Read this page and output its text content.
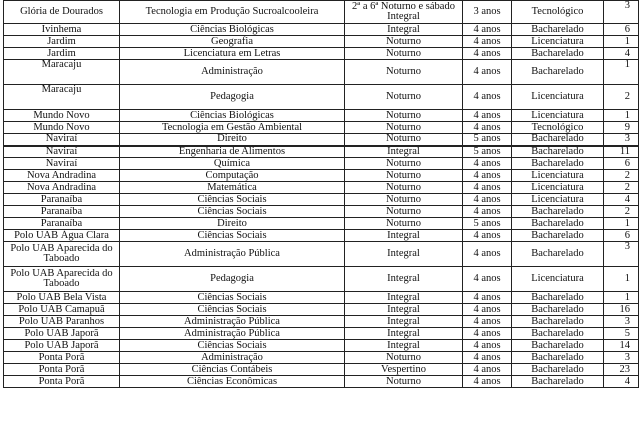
Glória de Dourados	Tecnologia em Produção Sucroalcooleira	2ª a 6ª Noturno e sábado Integral	3 anos	Tecnológico	3
Ivinhema	Ciências Biológicas	Integral	4 anos	Bacharelado	6
Jardim	Geografia	Noturno	4 anos	Licenciatura	1
Jardim	Licenciatura em Letras	Noturno	4 anos	Bacharelado	4
Maracaju	Administração	Noturno	4 anos	Bacharelado	1
Maracaju	Pedagogia	Noturno	4 anos	Licenciatura	2
Mundo Novo	Ciências Biológicas	Noturno	4 anos	Licenciatura	1
Mundo Novo	Tecnologia em Gestão Ambiental	Noturno	4 anos	Tecnológico	9
Naviraí	Direito	Noturno	5 anos	Bacharelado	3
Naviraí	Engenharia de Alimentos	Integral	5 anos	Bacharelado	11
Naviraí	Química	Noturno	4 anos	Bacharelado	6
Nova Andradina	Computação	Noturno	4 anos	Licenciatura	2
Nova Andradina	Matemática	Noturno	4 anos	Licenciatura	2
Paranaíba	Ciências Sociais	Noturno	4 anos	Licenciatura	4
Paranaíba	Ciências Sociais	Noturno	4 anos	Bacharelado	2
Paranaíba	Direito	Noturno	5 anos	Bacharelado	1
Polo UAB Água Clara	Ciências Sociais	Integral	4 anos	Bacharelado	6
Polo UAB Aparecida do Taboado	Administração Pública	Integral	4 anos	Bacharelado	3
Polo UAB Aparecida do Taboado	Pedagogia	Integral	4 anos	Licenciatura	1
Polo UAB Bela Vista	Ciências Sociais	Integral	4 anos	Bacharelado	1
Polo UAB Camapuã	Ciências Sociais	Integral	4 anos	Bacharelado	16
Polo UAB Paranhos	Administração Pública	Integral	4 anos	Bacharelado	3
Polo UAB Japorã	Administração Pública	Integral	4 anos	Bacharelado	5
Polo UAB Japorã	Ciências Sociais	Integral	4 anos	Bacharelado	14
Ponta Porã	Administração	Noturno	4 anos	Bacharelado	3
Ponta Porã	Ciências Contábeis	Vespertino	4 anos	Bacharelado	23
Ponta Porã	Ciências Econômicas	Noturno	4 anos	Bacharelado	4
